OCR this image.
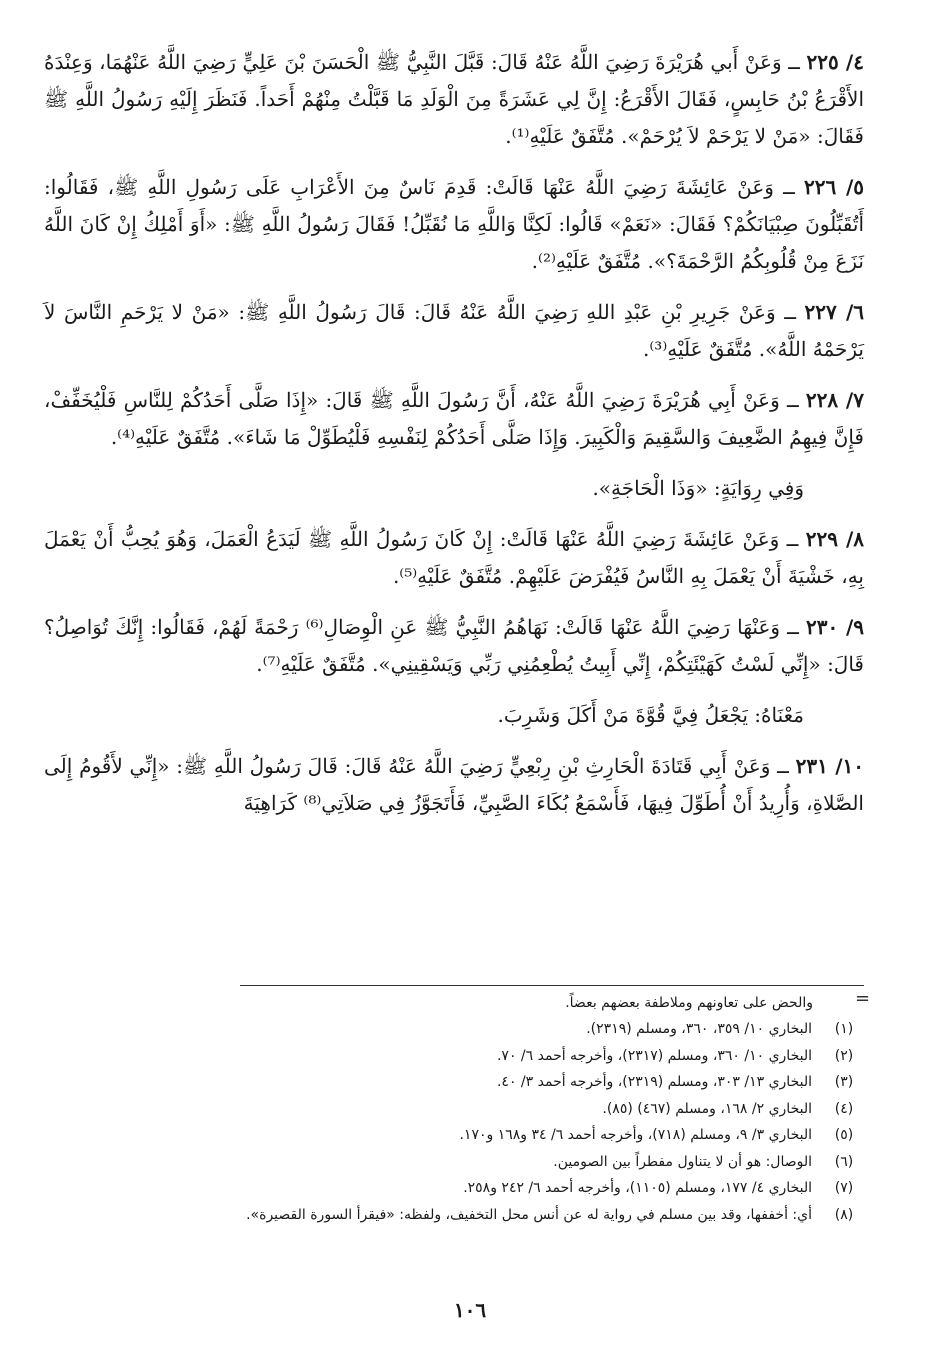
٤/ ٢٢٥ ــ وَعَنْ أَبي هُرَيْرَةَ رَضِيَ اللَّهُ عَنْهُ قَالَ: قَبَّلَ النَّبِيُّ ﷺ الْحَسَنَ بْنَ عَلِيٍّ رَضِيَ اللَّهُ عَنْهُمَا، وَعِنْدَهُ الأَقْرَعُ بْنُ حَابِسٍ، فَقَالَ الأَقْرَعُ: إِنَّ لِي عَشَرَةً مِنَ الْوَلَدِ مَا قَبَّلْتُ مِنْهُمْ أَحَداً. فَنَظَرَ إِلَيْهِ رَسُولُ اللَّهِ ﷺ فَقَالَ: «مَنْ لا يَرْحَمْ لاَ يُرْحَمْ». مُتَّفَقٌ عَلَيْهِ⁽¹⁾.

٥/ ٢٢٦ ــ وَعَنْ عَائِشَةَ رَضِيَ اللَّهُ عَنْهَا قَالَتْ: قَدِمَ نَاسٌ مِنَ الأَعْرَابِ عَلَى رَسُولِ اللَّهِ ﷺ، فَقَالُوا: أَتُقَبِّلُونَ صِبْيَانَكُمْ؟ فَقَالَ: «نَعَمْ» قَالُوا: لَكِنَّا وَاللَّهِ مَا نُقَبِّلُ! فَقَالَ رَسُولُ اللَّهِ ﷺ: «أَوَ أَمْلِكُ إِنْ كَانَ اللَّهُ نَزَعَ مِنْ قُلُوبِكُمُ الرَّحْمَةَ؟». مُتَّفَقٌ عَلَيْهِ⁽²⁾.

٦/ ٢٢٧ ــ وَعَنْ جَرِيرِ بْنِ عَبْدِ اللهِ رَضِيَ اللَّهُ عَنْهُ قَالَ: قَالَ رَسُولُ اللَّهِ ﷺ: «مَنْ لا يَرْحَمِ النَّاسَ لاَ يَرْحَمْهُ اللَّهُ». مُتَّفَقٌ عَلَيْهِ⁽³⁾.

٧/ ٢٢٨ ــ وَعَنْ أَبِي هُرَيْرَةَ رَضِيَ اللَّهُ عَنْهُ، أَنَّ رَسُولَ اللَّهِ ﷺ قَالَ: «إِذَا صَلَّى أَحَدُكُمْ لِلنَّاسِ فَلْيُخَفِّفْ، فَإِنَّ فِيهِمُ الضَّعِيفَ وَالسَّقِيمَ وَالْكَبِيرَ. وَإِذَا صَلَّى أَحَدُكُمْ لِنَفْسِهِ فَلْيُطَوِّلْ مَا شَاءَ». مُتَّفَقٌ عَلَيْهِ⁽⁴⁾.

وَفِي رِوَايَةٍ: «وَذَا الْحَاجَةِ».

٨/ ٢٢٩ ــ وَعَنْ عَائِشَةَ رَضِيَ اللَّهُ عَنْهَا قَالَتْ: إِنْ كَانَ رَسُولُ اللَّهِ ﷺ لَيَدَعُ الْعَمَلَ، وَهُوَ يُحِبُّ أَنْ يَعْمَلَ بِهِ، خَشْيَةَ أَنْ يَعْمَلَ بِهِ النَّاسُ فَيُفْرَضَ عَلَيْهِمْ. مُتَّفَقٌ عَلَيْهِ⁽⁵⁾.

٩/ ٢٣٠ ــ وَعَنْهَا رَضِيَ اللَّهُ عَنْهَا قَالَتْ: نَهَاهُمُ النَّبِيُّ ﷺ عَنِ الْوِصَالِ⁽⁶⁾ رَحْمَةً لَهُمْ، فَقَالُوا: إِنَّكَ تُوَاصِلُ؟ قَالَ: «إِنِّي لَسْتُ كَهَيْئَتِكُمْ، إِنِّي أَبِيتُ يُطْعِمُنِي رَبِّي وَيَسْقِينِي». مُتَّفَقٌ عَلَيْهِ⁽⁷⁾.

مَعْنَاهُ: يَجْعَلُ فِيَّ قُوَّةَ مَنْ أَكَلَ وَشَرِبَ.

١٠/ ٢٣١ ــ وَعَنْ أَبِي قَتَادَةَ الْحَارِثِ بْنِ رِبْعِيٍّ رَضِيَ اللَّهُ عَنْهُ قَالَ: قَالَ رَسُولُ اللَّهِ ﷺ: «إِنِّي لأَقُومُ إِلَى الصَّلاةِ، وَأُرِيدُ أَنْ أُطَوِّلَ فِيهَا، فَأَسْمَعُ بُكَاءَ الصَّبِيِّ، فَأَتَجَوَّزُ فِي صَلاَتِي⁽⁸⁾ كَرَاهِيَةَ

=
والحض على تعاونهم وملاطفة بعضهم بعضاً.
(١)
البخاري ١٠/ ٣٥٩، ٣٦٠، ومسلم (٢٣١٩).
(٢)
البخاري ١٠/ ٣٦٠، ومسلم (٢٣١٧)، وأخرجه أحمد ٦/ ٧٠.
(٣)
البخاري ١٣/ ٣٠٣، ومسلم (٢٣١٩)، وأخرجه أحمد ٣/ ٤٠.
(٤)
البخاري ٢/ ١٦٨، ومسلم (٤٦٧) (٨٥).
(٥)
البخاري ٣/ ٩، ومسلم (٧١٨)، وأخرجه أحمد ٦/ ٣٤ و١٦٨ و١٧٠.
(٦)
الوصال: هو أن لا يتناول مفطراً بين الصومين.
(٧)
البخاري ٤/ ١٧٧، ومسلم (١١٠٥)، وأخرجه أحمد ٦/ ٢٤٢ و٢٥٨.
(٨)
أي: أخففها، وقد بين مسلم في رواية له عن أنس محل التخفيف، ولفظه: «فيقرأ السورة القصيرة».
١٠٦
